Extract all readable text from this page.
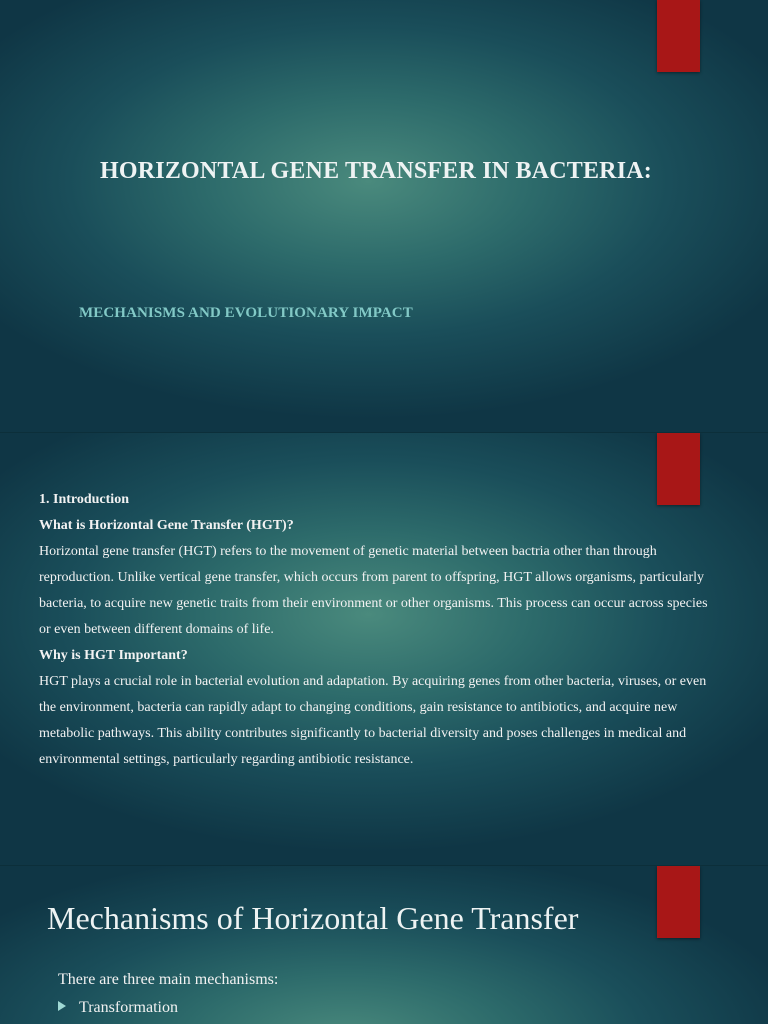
HORIZONTAL GENE TRANSFER IN BACTERIA:
MECHANISMS AND EVOLUTIONARY IMPACT

1. Introduction

What is Horizontal Gene Transfer (HGT)?

Horizontal gene transfer (HGT) refers to the movement of genetic material between bactria other than through reproduction. Unlike vertical gene transfer, which occurs from parent to offspring, HGT allows organisms, particularly bacteria, to acquire new genetic traits from their environment or other organisms. This process can occur across species or even between different domains of life.

Why is HGT Important?

HGT plays a crucial role in bacterial evolution and adaptation. By acquiring genes from other bacteria, viruses, or even the environment, bacteria can rapidly adapt to changing conditions, gain resistance to antibiotics, and acquire new metabolic pathways. This ability contributes significantly to bacterial diversity and poses challenges in medical and environmental settings, particularly regarding antibiotic resistance.

Mechanisms of Horizontal Gene Transfer

There are three main mechanisms:

Transformation
